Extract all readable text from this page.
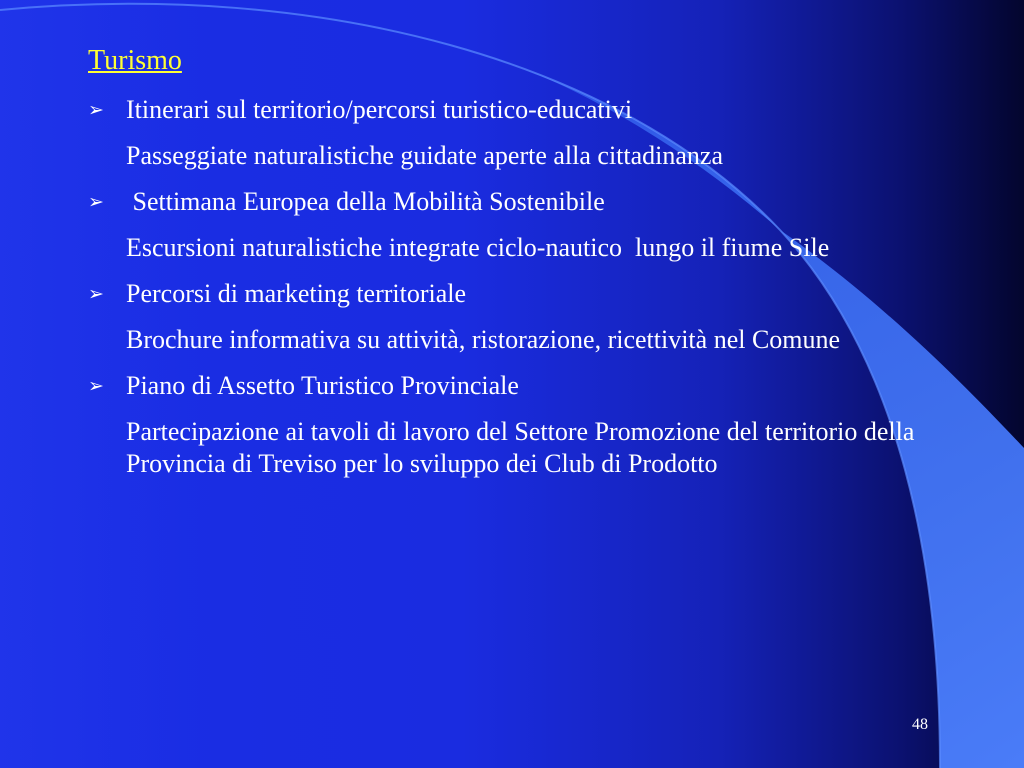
Turismo
➢ Itinerari sul territorio/percorsi turistico-educativi
Passeggiate naturalistiche guidate aperte alla cittadinanza
➢ Settimana Europea della Mobilità Sostenibile
Escursioni naturalistiche integrate ciclo-nautico  lungo il fiume Sile
➢ Percorsi di marketing territoriale
Brochure informativa su attività, ristorazione, ricettività nel Comune
➢ Piano di Assetto Turistico Provinciale
Partecipazione ai tavoli di lavoro del Settore Promozione del territorio della Provincia di Treviso per lo sviluppo dei Club di Prodotto
48
